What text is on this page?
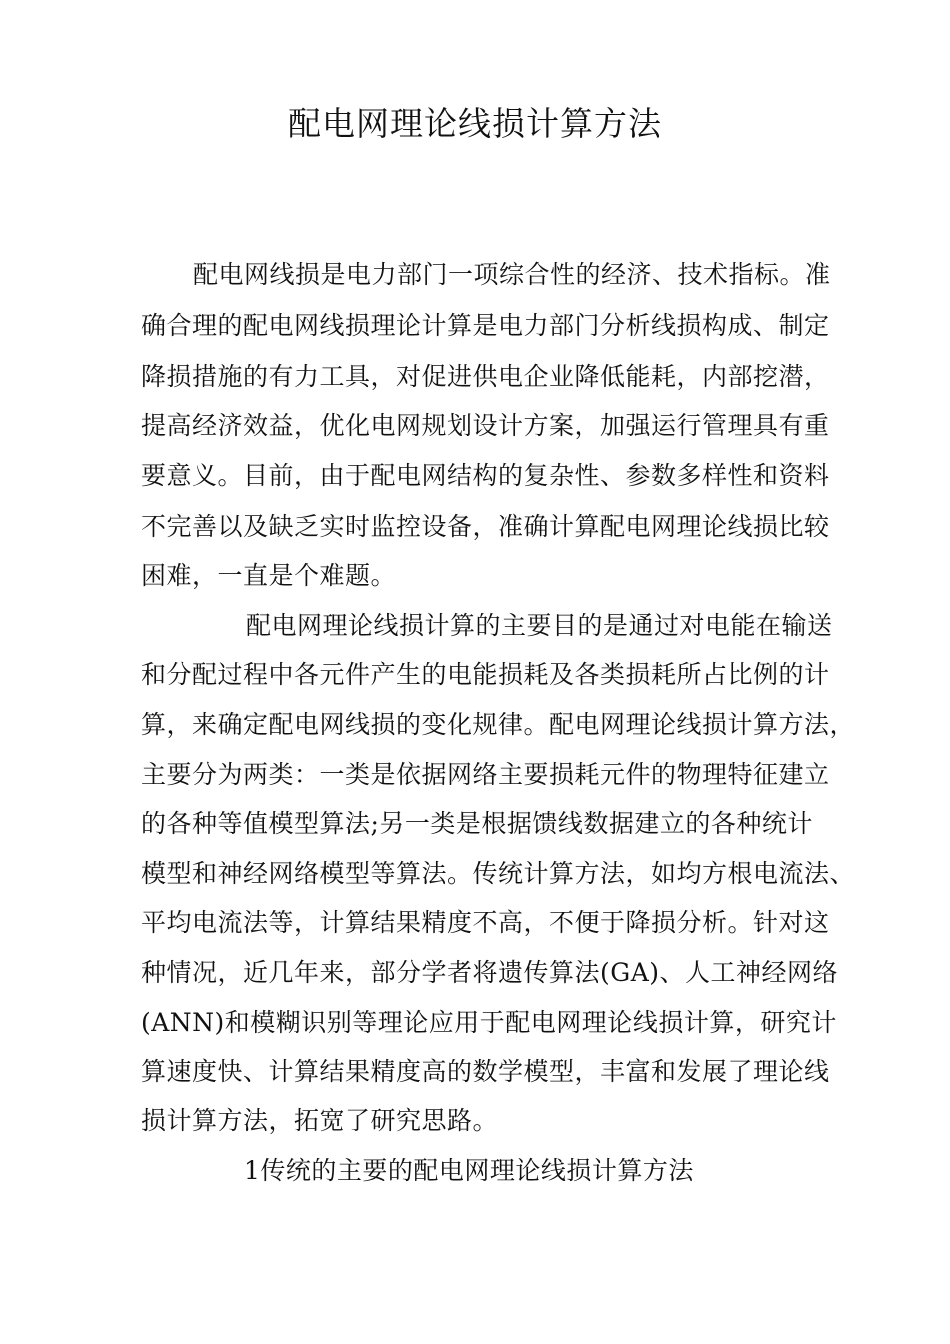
配电网理论线损计算方法
配电网线损是电力部门一项综合性的经济、技术指标。准
确合理的配电网线损理论计算是电力部门分析线损构成、制定
降损措施的有力工具，对促进供电企业降低能耗，内部挖潜，
提高经济效益，优化电网规划设计方案，加强运行管理具有重
要意义。目前，由于配电网结构的复杂性、参数多样性和资料
不完善以及缺乏实时监控设备，准确计算配电网理论线损比较
困难，一直是个难题。
配电网理论线损计算的主要目的是通过对电能在输送
和分配过程中各元件产生的电能损耗及各类损耗所占比例的计
算，来确定配电网线损的变化规律。配电网理论线损计算方法，
主要分为两类：一类是依据网络主要损耗元件的物理特征建立
的各种等值模型算法;另一类是根据馈线数据建立的各种统计
模型和神经网络模型等算法。传统计算方法，如均方根电流法、
平均电流法等，计算结果精度不高，不便于降损分析。针对这
种情况，近几年来，部分学者将遗传算法(GA)、人工神经网络
(ANN)和模糊识别等理论应用于配电网理论线损计算，研究计
算速度快、计算结果精度高的数学模型，丰富和发展了理论线
损计算方法，拓宽了研究思路。
1传统的主要的配电网理论线损计算方法
